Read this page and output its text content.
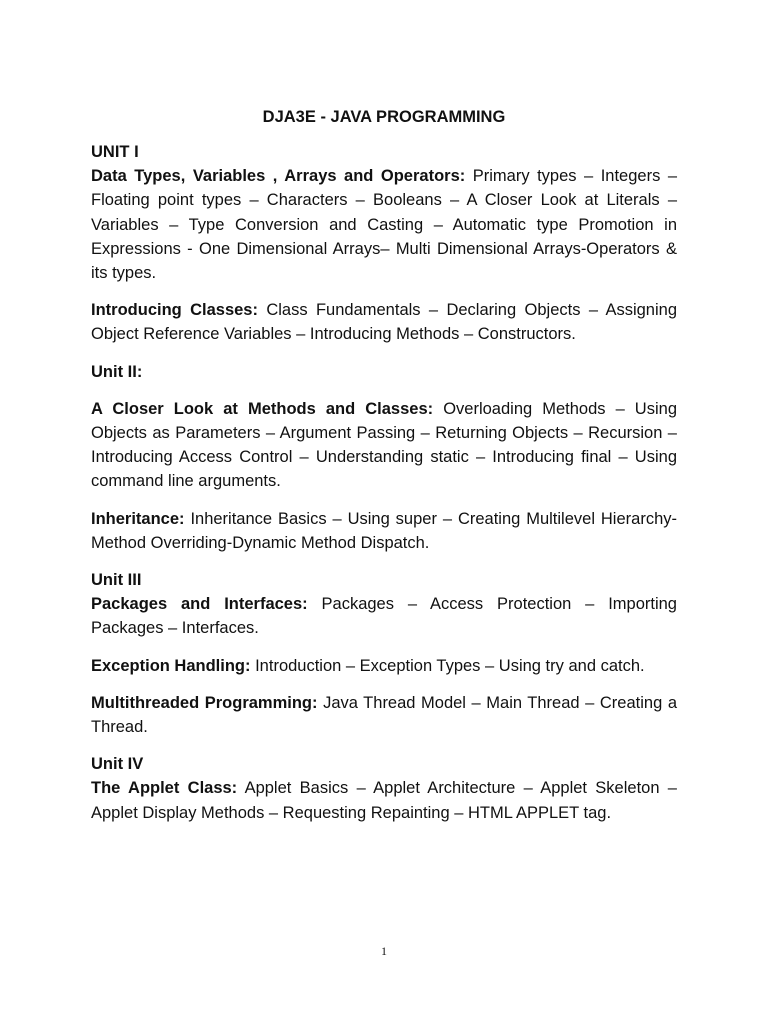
DJA3E - JAVA PROGRAMMING

UNIT I

Data Types, Variables , Arrays and Operators: Primary types – Integers – Floating point types – Characters – Booleans – A Closer Look at Literals – Variables – Type Conversion and Casting – Automatic type Promotion in Expressions - One Dimensional Arrays– Multi Dimensional Arrays-Operators & its types.

Introducing Classes: Class Fundamentals – Declaring Objects – Assigning Object Reference Variables – Introducing Methods – Constructors.

Unit II:

A Closer Look at Methods and Classes: Overloading Methods – Using Objects as Parameters – Argument Passing – Returning Objects – Recursion – Introducing Access Control – Understanding static – Introducing final – Using command line arguments.

Inheritance: Inheritance Basics – Using super – Creating Multilevel Hierarchy-Method Overriding-Dynamic Method Dispatch.

Unit III

Packages and Interfaces: Packages – Access Protection – Importing Packages – Interfaces.

Exception Handling: Introduction – Exception Types – Using try and catch.

Multithreaded Programming: Java Thread Model – Main Thread – Creating a Thread.

Unit IV

The Applet Class: Applet Basics – Applet Architecture – Applet Skeleton – Applet Display Methods – Requesting Repainting – HTML APPLET tag.

1
